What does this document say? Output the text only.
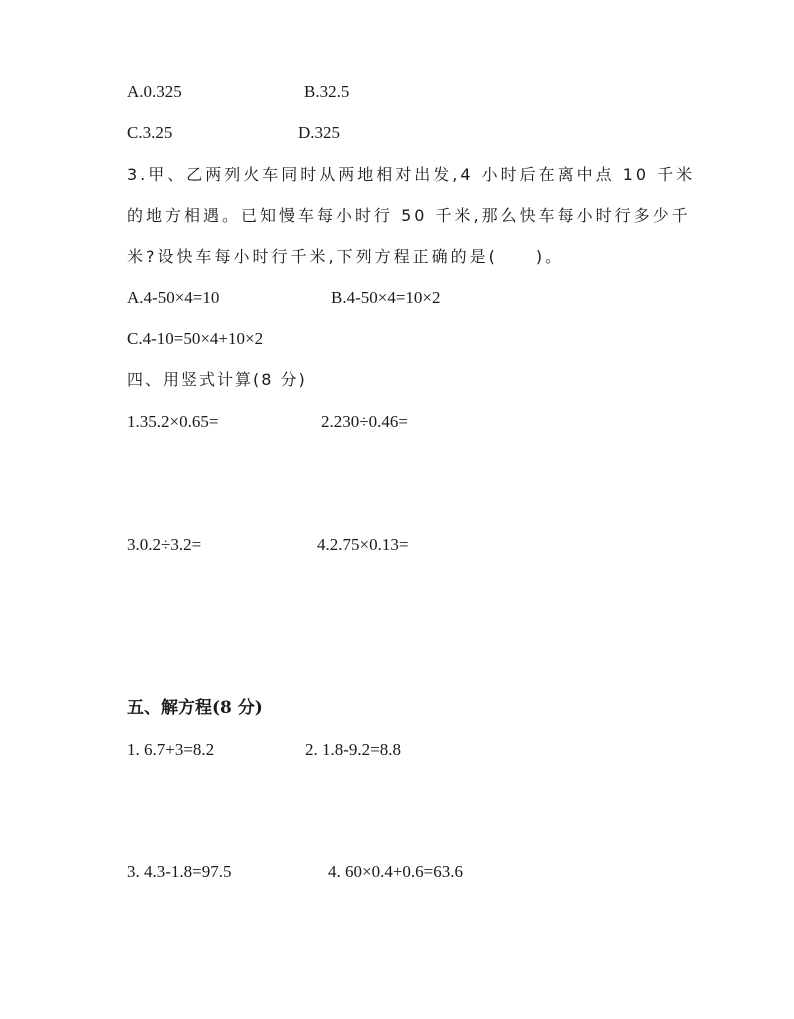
A.0.325	B.32.5
C.3.25	D.325
3.甲、乙两列火车同时从两地相对出发,4 小时后在离中点 10 千米
的地方相遇。已知慢车每小时行 50 千米,那么快车每小时行多少千
米?设快车每小时行千米,下列方程正确的是(　　)。
A.4-50×4=10	B.4-50×4=10×2
C.4-10=50×4+10×2
四、用竖式计算(8 分)
1.35.2×0.65=	2.230÷0.46=
3.0.2÷3.2=	4.2.75×0.13=
五、解方程(8 分)
1. 6.7+3=8.2	2. 1.8-9.2=8.8
3. 4.3-1.8=97.5	4. 60×0.4+0.6=63.6
